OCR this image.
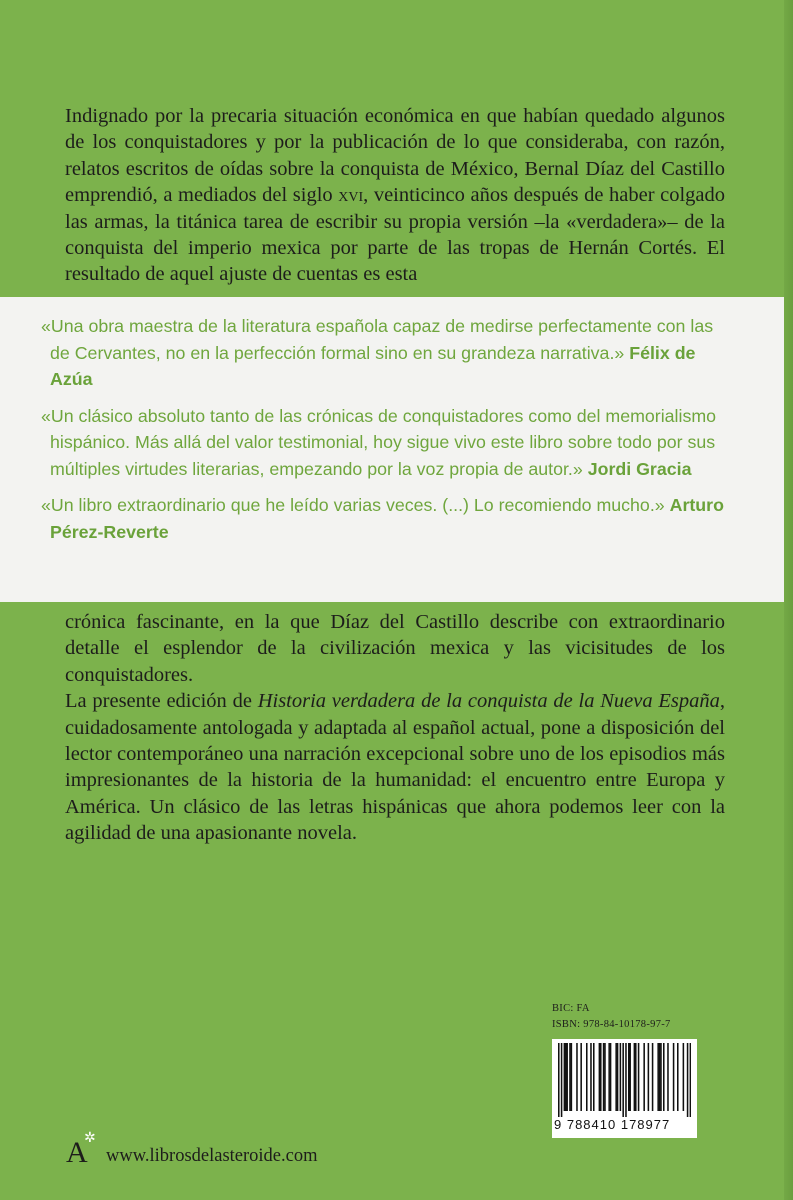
Indignado por la precaria situación económica en que habían quedado algunos de los conquistadores y por la publicación de lo que consideraba, con razón, relatos escritos de oídas sobre la conquista de México, Bernal Díaz del Castillo emprendió, a mediados del siglo xvi, veinticinco años después de haber colgado las armas, la titánica tarea de escribir su propia versión –la «verdadera»– de la conquista del imperio mexica por parte de las tropas de Hernán Cortés. El resultado de aquel ajuste de cuentas es esta

«Una obra maestra de la literatura española capaz de medirse perfectamente con las de Cervantes, no en la perfección formal sino en su grandeza narrativa.» Félix de Azúa

«Un clásico absoluto tanto de las crónicas de conquistadores como del memorialismo hispánico. Más allá del valor testimonial, hoy sigue vivo este libro sobre todo por sus múltiples virtudes literarias, empezando por la voz propia de autor.» Jordi Gracia

«Un libro extraordinario que he leído varias veces. (...) Lo recomiendo mucho.» Arturo Pérez-Reverte

crónica fascinante, en la que Díaz del Castillo describe con extraordinario detalle el esplendor de la civilización mexica y las vicisitudes de los conquistadores.

La presente edición de Historia verdadera de la conquista de la Nueva España, cuidadosamente antologada y adaptada al español actual, pone a disposición del lector contemporáneo una narración excepcional sobre uno de los episodios más impresionantes de la historia de la humanidad: el encuentro entre Europa y América. Un clásico de las letras hispánicas que ahora podemos leer con la agilidad de una apasionante novela.

BIC: FA
ISBN: 978-84-10178-97-7
9 788410 178977
A
✲
www.librosdelasteroide.com
